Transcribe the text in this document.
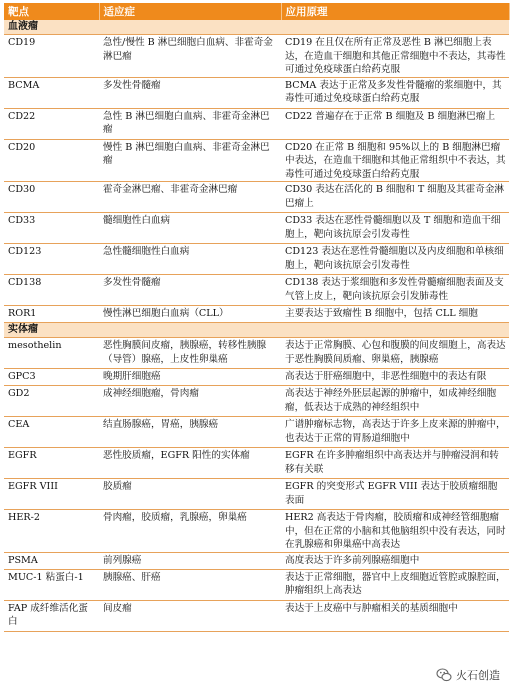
靶点	适应症	应用原理
血液瘤		
CD19	急性/慢性 B 淋巴细胞白血病、非霍奇金淋巴瘤	CD19 在且仅在所有正常及恶性 B 淋巴细胞上表达，在造血干细胞和其他正常细胞中不表达，其毒性可通过免疫球蛋白给药克服
BCMA	多发性骨髓瘤	BCMA 表达于正常及多发性骨髓瘤的浆细胞中，其毒性可通过免疫球蛋白给药克服
CD22	急性 B 淋巴细胞白血病、非霍奇金淋巴瘤	CD22 普遍存在于正常 B 细胞及 B 细胞淋巴瘤上
CD20	慢性 B 淋巴细胞白血病、非霍奇金淋巴瘤	CD20 在正常 B 细胞和 95%以上的 B 细胞淋巴瘤中表达，在造血干细胞和其他正常组织中不表达，其毒性可通过免疫球蛋白给药克服
CD30	霍奇金淋巴瘤、非霍奇金淋巴瘤	CD30 表达在活化的 B 细胞和 T 细胞及其霍奇金淋巴瘤上
CD33	髓细胞性白血病	CD33 表达在恶性骨髓细胞以及 T 细胞和造血干细胞上，靶向该抗原会引发毒性
CD123	急性髓细胞性白血病	CD123 表达在恶性骨髓细胞以及内皮细胞和单核细胞上，靶向该抗原会引发毒性
CD138	多发性骨髓瘤	CD138 表达于浆细胞和多发性骨髓瘤细胞表面及支气管上皮上，靶向该抗原会引发肺毒性
ROR1	慢性淋巴细胞白血病（CLL）	主要表达于致瘤性 B 细胞中，包括 CLL 细胞
实体瘤		
mesothelin	恶性胸膜间皮瘤，胰腺癌，转移性胰腺（导管）腺癌，上皮性卵巢癌	表达于正常胸膜、心包和腹膜的间皮细胞上，高表达于恶性胸膜间质瘤、卵巢癌，胰腺癌
GPC3	晚期肝细胞癌	高表达于肝癌细胞中，非恶性细胞中的表达有限
GD2	成神经细胞瘤，骨肉瘤	高表达于神经外胚层起源的肿瘤中，如成神经细胞瘤，低表达于成熟的神经组织中
CEA	结直肠腺癌，胃癌，胰腺癌	广谱肿瘤标志物，高表达于许多上皮来源的肿瘤中，也表达于正常的胃肠道细胞中
EGFR	恶性胶质瘤，EGFR 阳性的实体瘤	EGFR 在许多肿瘤组织中高表达并与肿瘤浸润和转移有关联
EGFR VIII	胶质瘤	EGFR 的突变形式 EGFR VIII 表达于胶质瘤细胞表面
HER-2	骨肉瘤，胶质瘤，乳腺癌，卵巢癌	HER2 高表达于骨肉瘤，胶质瘤和成神经管细胞瘤中，但在正常的小脑和其他脑组织中没有表达，同时在乳腺癌和卵巢癌中高表达
PSMA	前列腺癌	高度表达于许多前列腺癌细胞中
MUC-1 粘蛋白-1	胰腺癌、肝癌	表达于正常细胞，器官中上皮细胞近管腔或腺腔面，肿瘤组织上高表达
FAP 成纤维活化蛋白	间皮瘤	表达于上皮癌中与肿瘤相关的基质细胞中
火石创造
